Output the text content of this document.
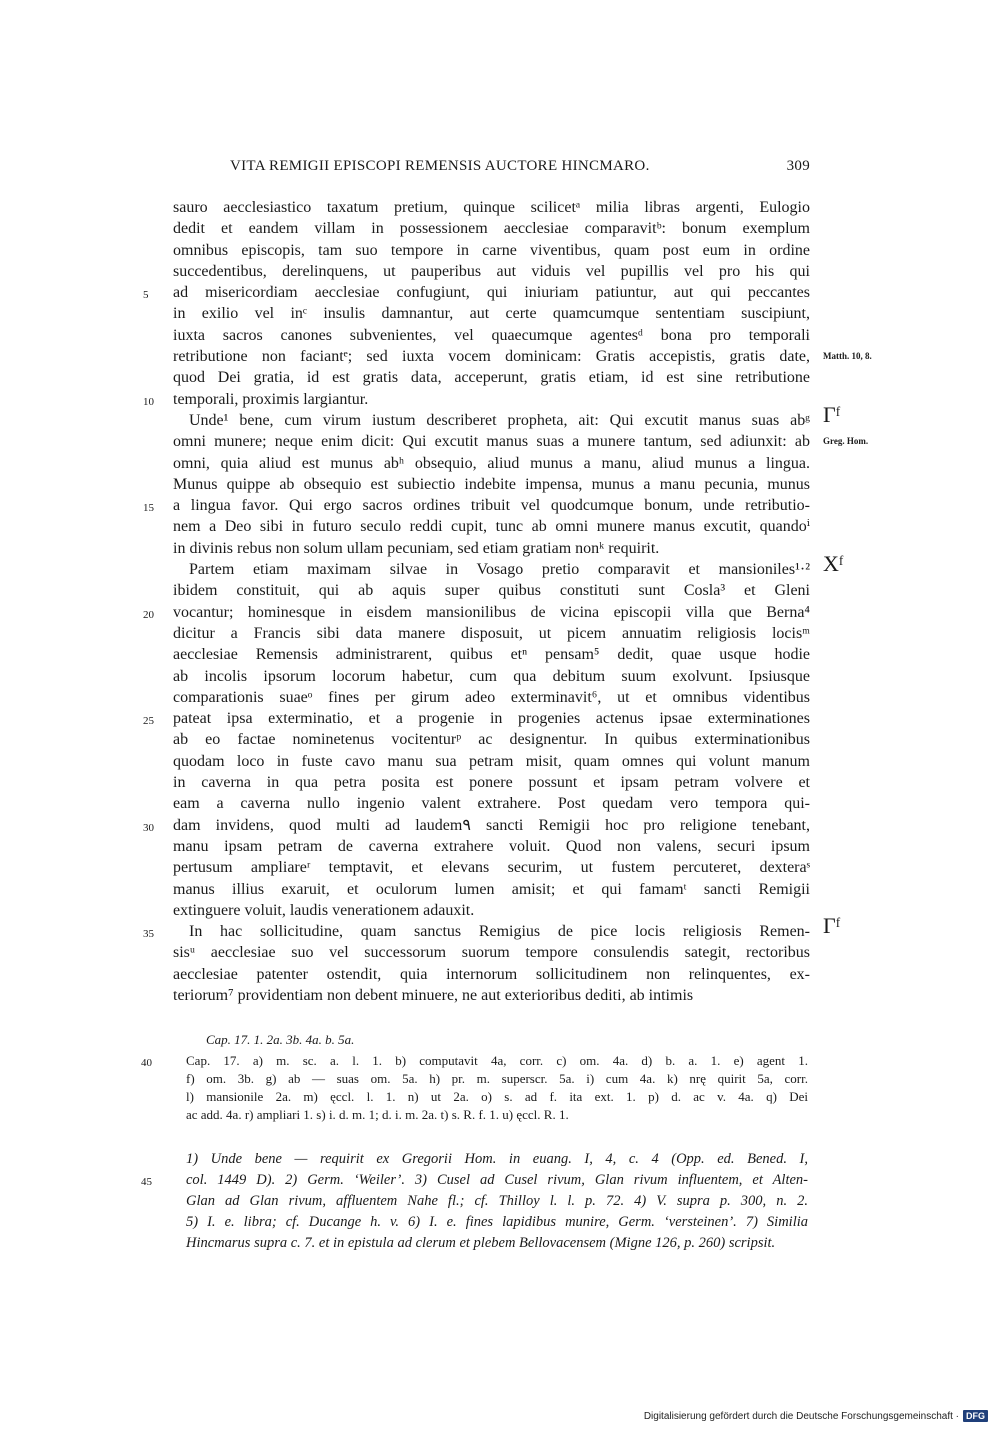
VITA REMIGII EPISCOPI REMENSIS AUCTORE HINCMARO.	309
sauro aecclesiastico taxatum pretium, quinque scilicetᵃ milia libras argenti, Eulogio
dedit et eandem villam in possessionem aecclesiae comparavitᵇ: bonum exemplum
omnibus episcopis, tam suo tempore in carne viventibus, quam post eum in ordine
succedentibus, derelinquens, ut pauperibus aut viduis vel pupillis vel pro his qui
ad misericordiam aecclesiae confugiunt, qui iniuriam patiuntur, aut qui peccantes
5
in exilio vel inᶜ insulis damnantur, aut certe quamcumque sententiam suscipiunt,
iuxta sacros canones subvenientes, vel quaecumque agentesᵈ bona pro temporali
retributione non faciantᵉ; sed iuxta vocem dominicam: Gratis accepistis, gratis date, Matth. 10, 8.
quod Dei gratia, id est gratis data, acceperunt, gratis etiam, id est sine retributione
temporali, proximis largiantur.
10
Unde¹ bene, cum virum iustum describeret propheta, ait: Qui excutit manus suas abᵍ Γᶠ
omni munere; neque enim dicit: Qui excutit manus suas a munere tantum, sed adiunxit: ab Greg. Hom.
omni, quia aliud est munus abʰ obsequio, aliud munus a manu, aliud munus a lingua.
Munus quippe ab obsequio est subiectio indebite impensa, munus a manu pecunia, munus
a lingua favor. Qui ergo sacros ordines tribuit vel quodcumque bonum, unde retributio-
15
nem a Deo sibi in futuro seculo reddi cupit, tunc ab omni munere manus excutit, quandoⁱ
in divinis rebus non solum ullam pecuniam, sed etiam gratiam nonᵏ requirit.
Partem etiam maximam silvae in Vosago pretio comparavit et mansioniles¹·² Xᶠ
ibidem constituit, qui ab aquis super quibus constituti sunt Cosla³ et Gleni
vocantur; hominesque in eisdem mansionilibus de vicina episcopii villa que Berna⁴
20
dicitur a Francis sibi data manere disposuit, ut picem annuatim religiosis locisᵐ
aecclesiae Remensis administrarent, quibus etⁿ pensam⁵ dedit, quae usque hodie
ab incolis ipsorum locorum habetur, cum qua debitum suum exolvunt. Ipsiusque
comparationis suaeᵒ fines per girum adeo exterminavit⁶, ut et omnibus videntibus
pateat ipsa exterminatio, et a progenie in progenies actenus ipsae exterminationes
25
ab eo factae nominetenus vocitenturᵖ ac designentur. In quibus exterminationibus
quodam loco in fuste cavo manu sua petram misit, quam omnes qui volunt manum
in caverna in qua petra posita est ponere possunt et ipsam petram volvere et
eam a caverna nullo ingenio valent extrahere. Post quedam vero tempora qui-
dam invidens, quod multi ad laudem۹ sancti Remigii hoc pro religione tenebant,
30
manu ipsam petram de caverna extrahere voluit. Quod non valens, securi ipsum
pertusum ampliareʳ temptavit, et elevans securim, ut fustem percuteret, dexteraˢ
manus illius exaruit, et oculorum lumen amisit; et qui famamᵗ sancti Remigii
extinguere voluit, laudis venerationem adauxit.
In hac sollicitudine, quam sanctus Remigius de pice locis religiosis Remen-
35	Γᶠ
sisᵘ aecclesiae suo vel successorum suorum tempore consulendis sategit, rectoribus
aecclesiae patenter ostendit, quia internorum sollicitudinem non relinquentes, ex-
teriorum⁷ providentiam non debent minuere, ne aut exterioribus dediti, ab intimis
Cap. 17. 1. 2a. 3b. 4a. b. 5a.
Cap. 17. a) m. sc. a. l. 1. b) computavit 4a, corr. c) om. 4a. d) b. a. 1. e) agent 1.
40
f) om. 3b. g) ab — suas om. 5a. h) pr. m. superscr. 5a. i) cum 4a. k) nrę quirit 5a, corr.
l) mansionile 2a. m) ęccl. l. 1. n) ut 2a. o) s. ad f. ita ext. 1. p) d. ac v. 4a. q) Dei
ac add. 4a. r) ampliari 1. s) i. d. m. 1; d. i. m. 2a. t) s. R. f. 1. u) ęccl. R. 1.
1) Unde bene — requirit ex Gregorii Hom. in euang. I, 4, c. 4 (Opp. ed. Bened. I,
col. 1449 D). 2) Germ. ‘Weiler’. 3) Cusel ad Cusel rivum, Glan rivum influentem, et Alten-
45
Glan ad Glan rivum, affluentem Nahe fl.; cf. Thilloy l. l. p. 72. 4) V. supra p. 300, n. 2.
5) I. e. libra; cf. Ducange h. v. 6) I. e. fines lapidibus munire, Germ. ‘versteinen’. 7) Similia
Hincmarus supra c. 7. et in epistula ad clerum et plebem Bellovacensem (Migne 126, p. 260) scripsit.
Digitalisierung gefördert durch die Deutsche Forschungsgemeinschaft · DFG
